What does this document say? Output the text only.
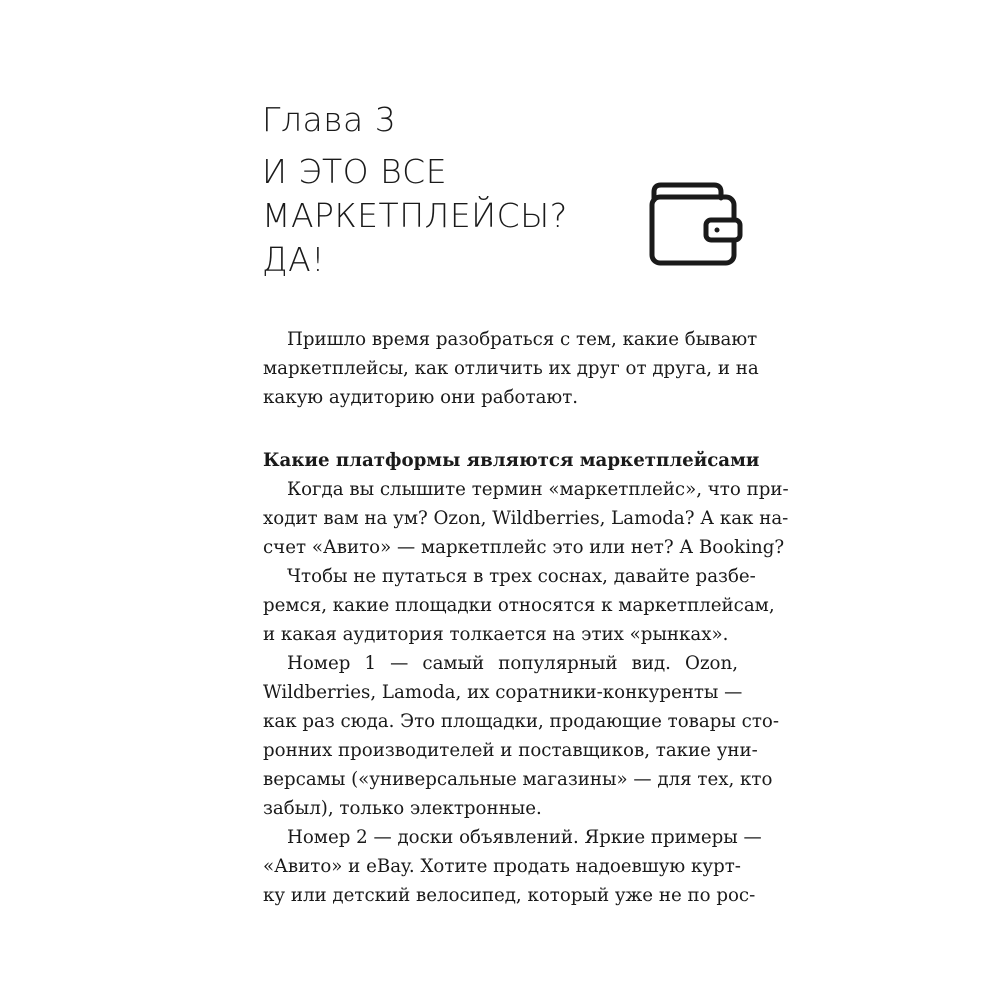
Глава 3
И ЭТО ВСЕ
МАРКЕТПЛЕЙСЫ?
ДА!
Пришло время разобраться с тем, какие бывают
маркетплейсы, как отличить их друг от друга, и на
какую аудиторию они работают.
Какие платформы являются маркетплейсами
Когда вы слышите термин «маркетплейс», что при-
ходит вам на ум? Ozon, Wildberries, Lamoda? А как на-
счет «Авито» — маркетплейс это или нет? А Booking?
Чтобы не путаться в трех соснах, давайте разбе-
ремся, какие площадки относятся к маркетплейсам,
и какая аудитория толкается на этих «рынках».
Номер 1 — самый популярный вид. Ozon,
Wildberries, Lamoda, их соратники-конкуренты —
как раз сюда. Это площадки, продающие товары сто-
ронних производителей и поставщиков, такие уни-
версамы («универсальные магазины» — для тех, кто
забыл), только электронные.
Номер 2 — доски объявлений. Яркие примеры —
«Авито» и eBay. Хотите продать надоевшую курт-
ку или детский велосипед, который уже не по рос-
